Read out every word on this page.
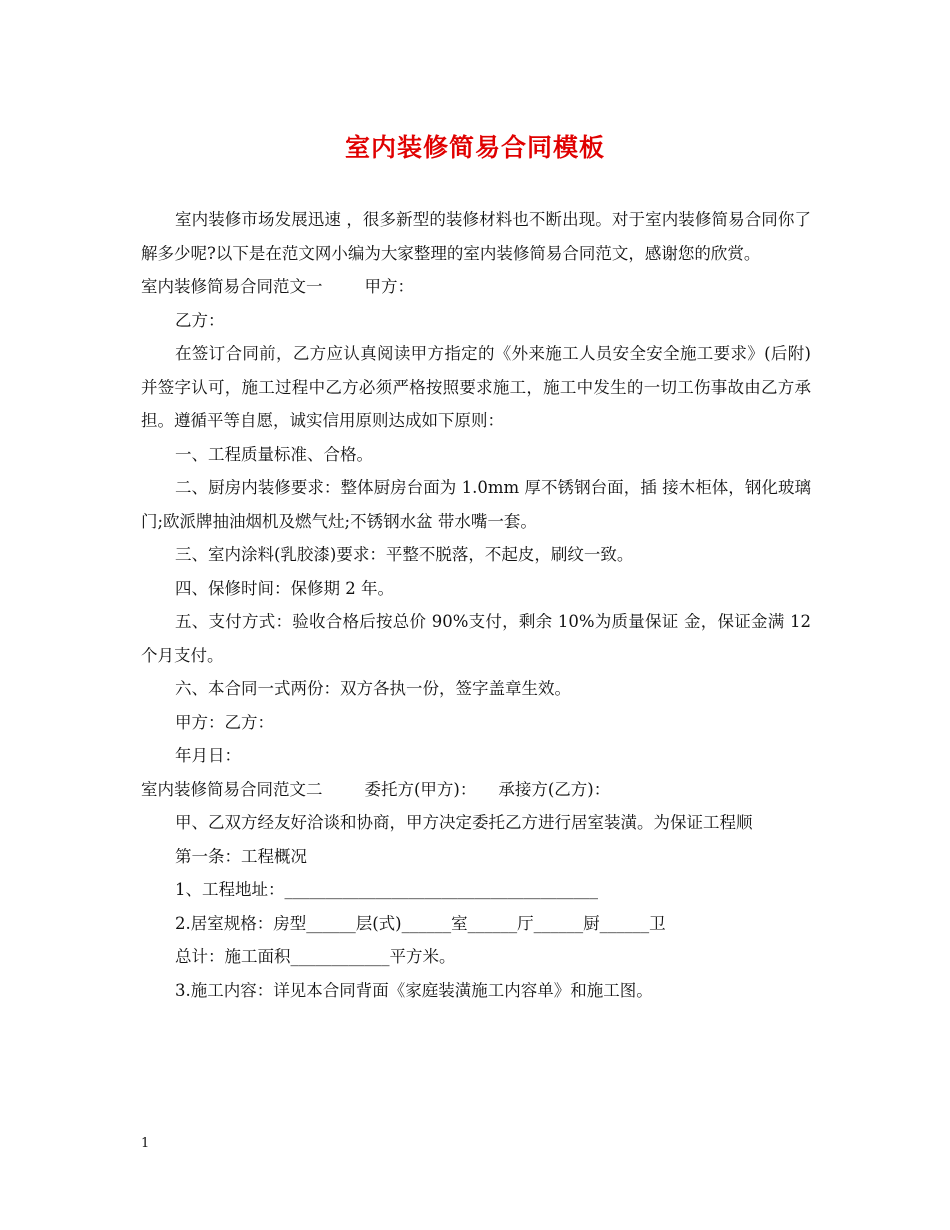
室内装修简易合同模板

室内装修市场发展迅速 ，很多新型的装修材料也不断出现。对于室内装修简易合同你了解多少呢?以下是在范文网小编为大家整理的室内装修简易合同范文，感谢您的欣赏。

室内装修简易合同范文一	甲方：

乙方：

在签订合同前，乙方应认真阅读甲方指定的《外来施工人员安全安全施工要求》(后附)并签字认可，施工过程中乙方必须严格按照要求施工，施工中发生的一切工伤事故由乙方承担。遵循平等自愿，诚实信用原则达成如下原则：

一、工程质量标准、合格。

二、厨房内装修要求：整体厨房台面为 1.0mm 厚不锈钢台面，插 接木柜体，钢化玻璃门;欧派牌抽油烟机及燃气灶;不锈钢水盆 带水嘴一套。

三、室内涂料(乳胶漆)要求：平整不脱落，不起皮，刷纹一致。

四、保修时间：保修期 2 年。

五、支付方式：验收合格后按总价 90%支付，剩余 10%为质量保证 金，保证金满 12 个月支付。

六、本合同一式两份：双方各执一份，签字盖章生效。

甲方：乙方：

年月日：

室内装修简易合同范文二	委托方(甲方)： 承接方(乙方)：

甲、乙双方经友好洽谈和协商，甲方决定委托乙方进行居室装潢。为保证工程顺

第一条：工程概况

1、工程地址：______________________________________

2.居室规格：房型______层(式)______室______厅______厨______卫

总计：施工面积____________平方米。

3.施工内容：详见本合同背面《家庭装潢施工内容单》和施工图。

1
